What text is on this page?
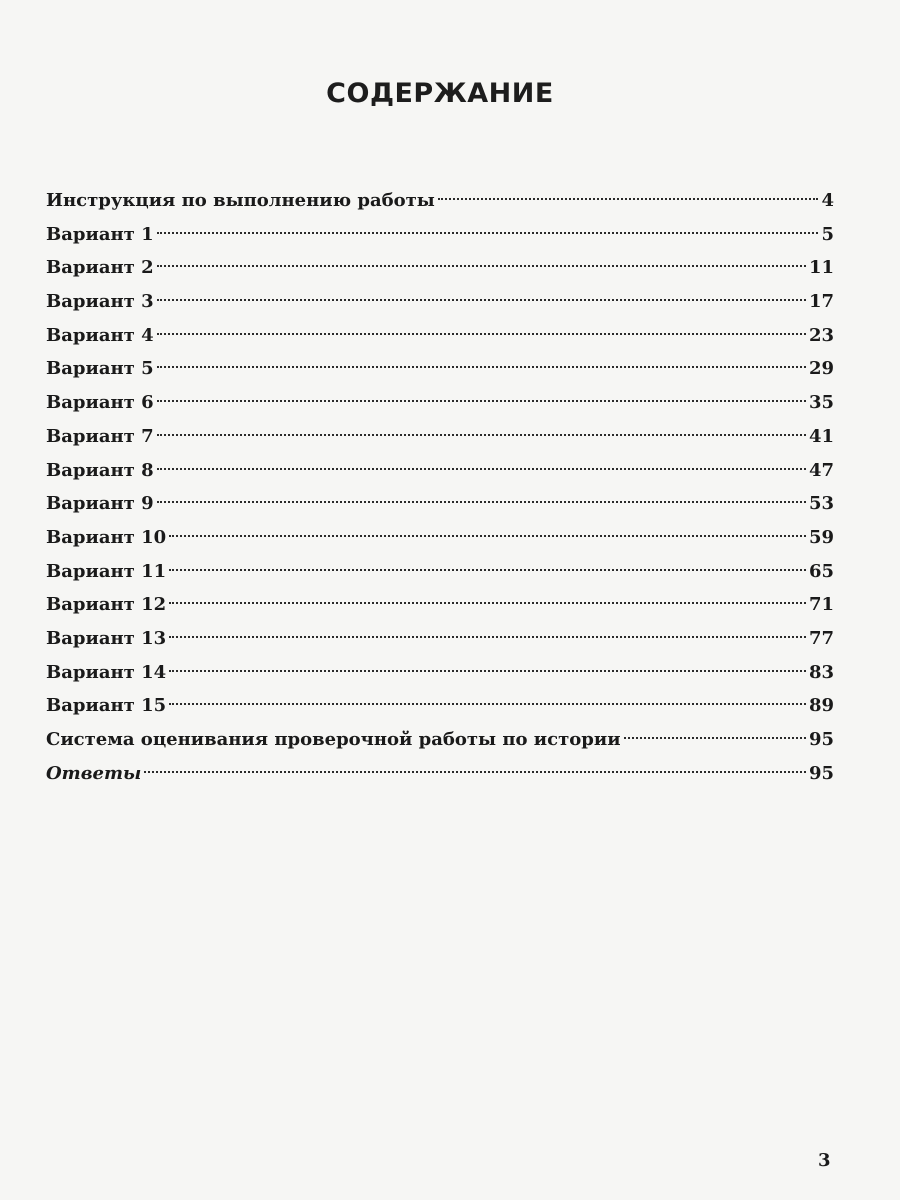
СОДЕРЖАНИЕ
Инструкция по выполнению работы	4
Вариант 1	5
Вариант 2	11
Вариант 3	17
Вариант 4	23
Вариант 5	29
Вариант 6	35
Вариант 7	41
Вариант 8	47
Вариант 9	53
Вариант 10	59
Вариант 11	65
Вариант 12	71
Вариант 13	77
Вариант 14	83
Вариант 15	89
Система оценивания проверочной работы по истории	95
Ответы	95
3
